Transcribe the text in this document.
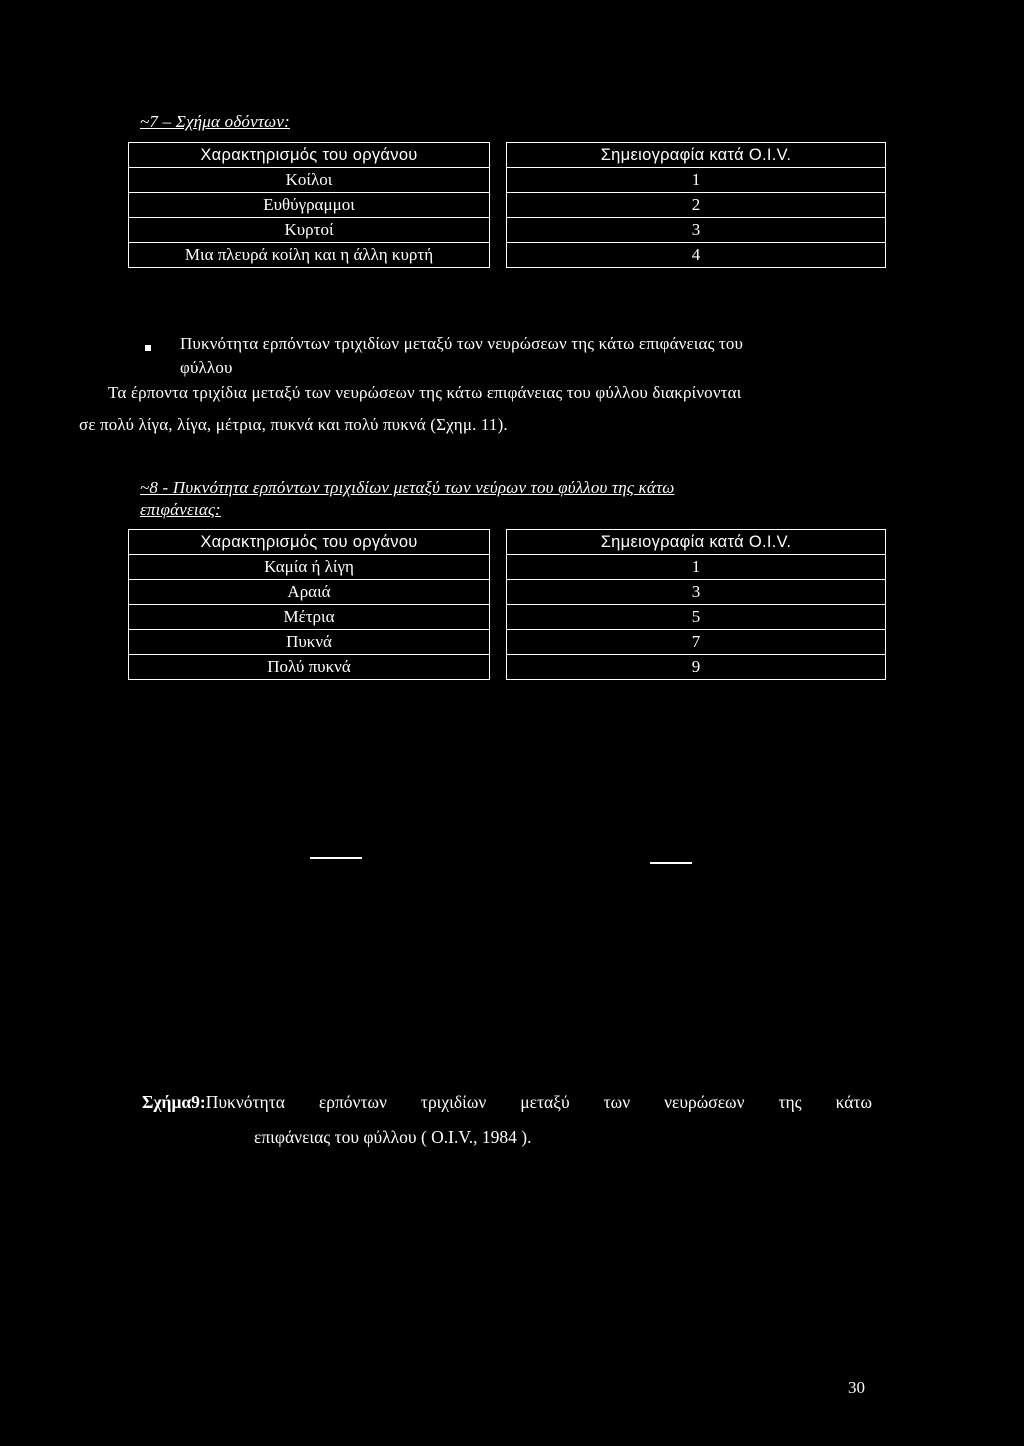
~7 – Σχήμα οδόντων:
Χαρακτηρισμός του οργάνου		Σημειογραφία κατά Ο.Ι.V.
Κοίλοι		1
Ευθύγραμμοι		2
Κυρτοί		3
Μια πλευρά κοίλη και η άλλη κυρτή		4
Πυκνότητα ερπόντων τριχιδίων μεταξύ των νευρώσεων της κάτω επιφάνειας του
φύλλου
Τα έρποντα τριχίδια μεταξύ των νευρώσεων της κάτω επιφάνειας του φύλλου διακρίνονται
σε πολύ λίγα, λίγα, μέτρια, πυκνά και πολύ πυκνά (Σχημ. 11).
~8 - Πυκνότητα ερπόντων τριχιδίων μεταξύ των νεύρων του φύλλου της κάτω
επιφάνειας:
Χαρακτηρισμός του οργάνου		Σημειογραφία κατά Ο.Ι.V.
Καμία ή λίγη		1
Αραιά		3
Μέτρια		5
Πυκνά		7
Πολύ πυκνά		9
Σχήμα9:Πυκνότητα ερπόντων τριχιδίων μεταξύ των νευρώσεων της κάτω
επιφάνειας του φύλλου ( Ο.Ι.V., 1984 ).
30
